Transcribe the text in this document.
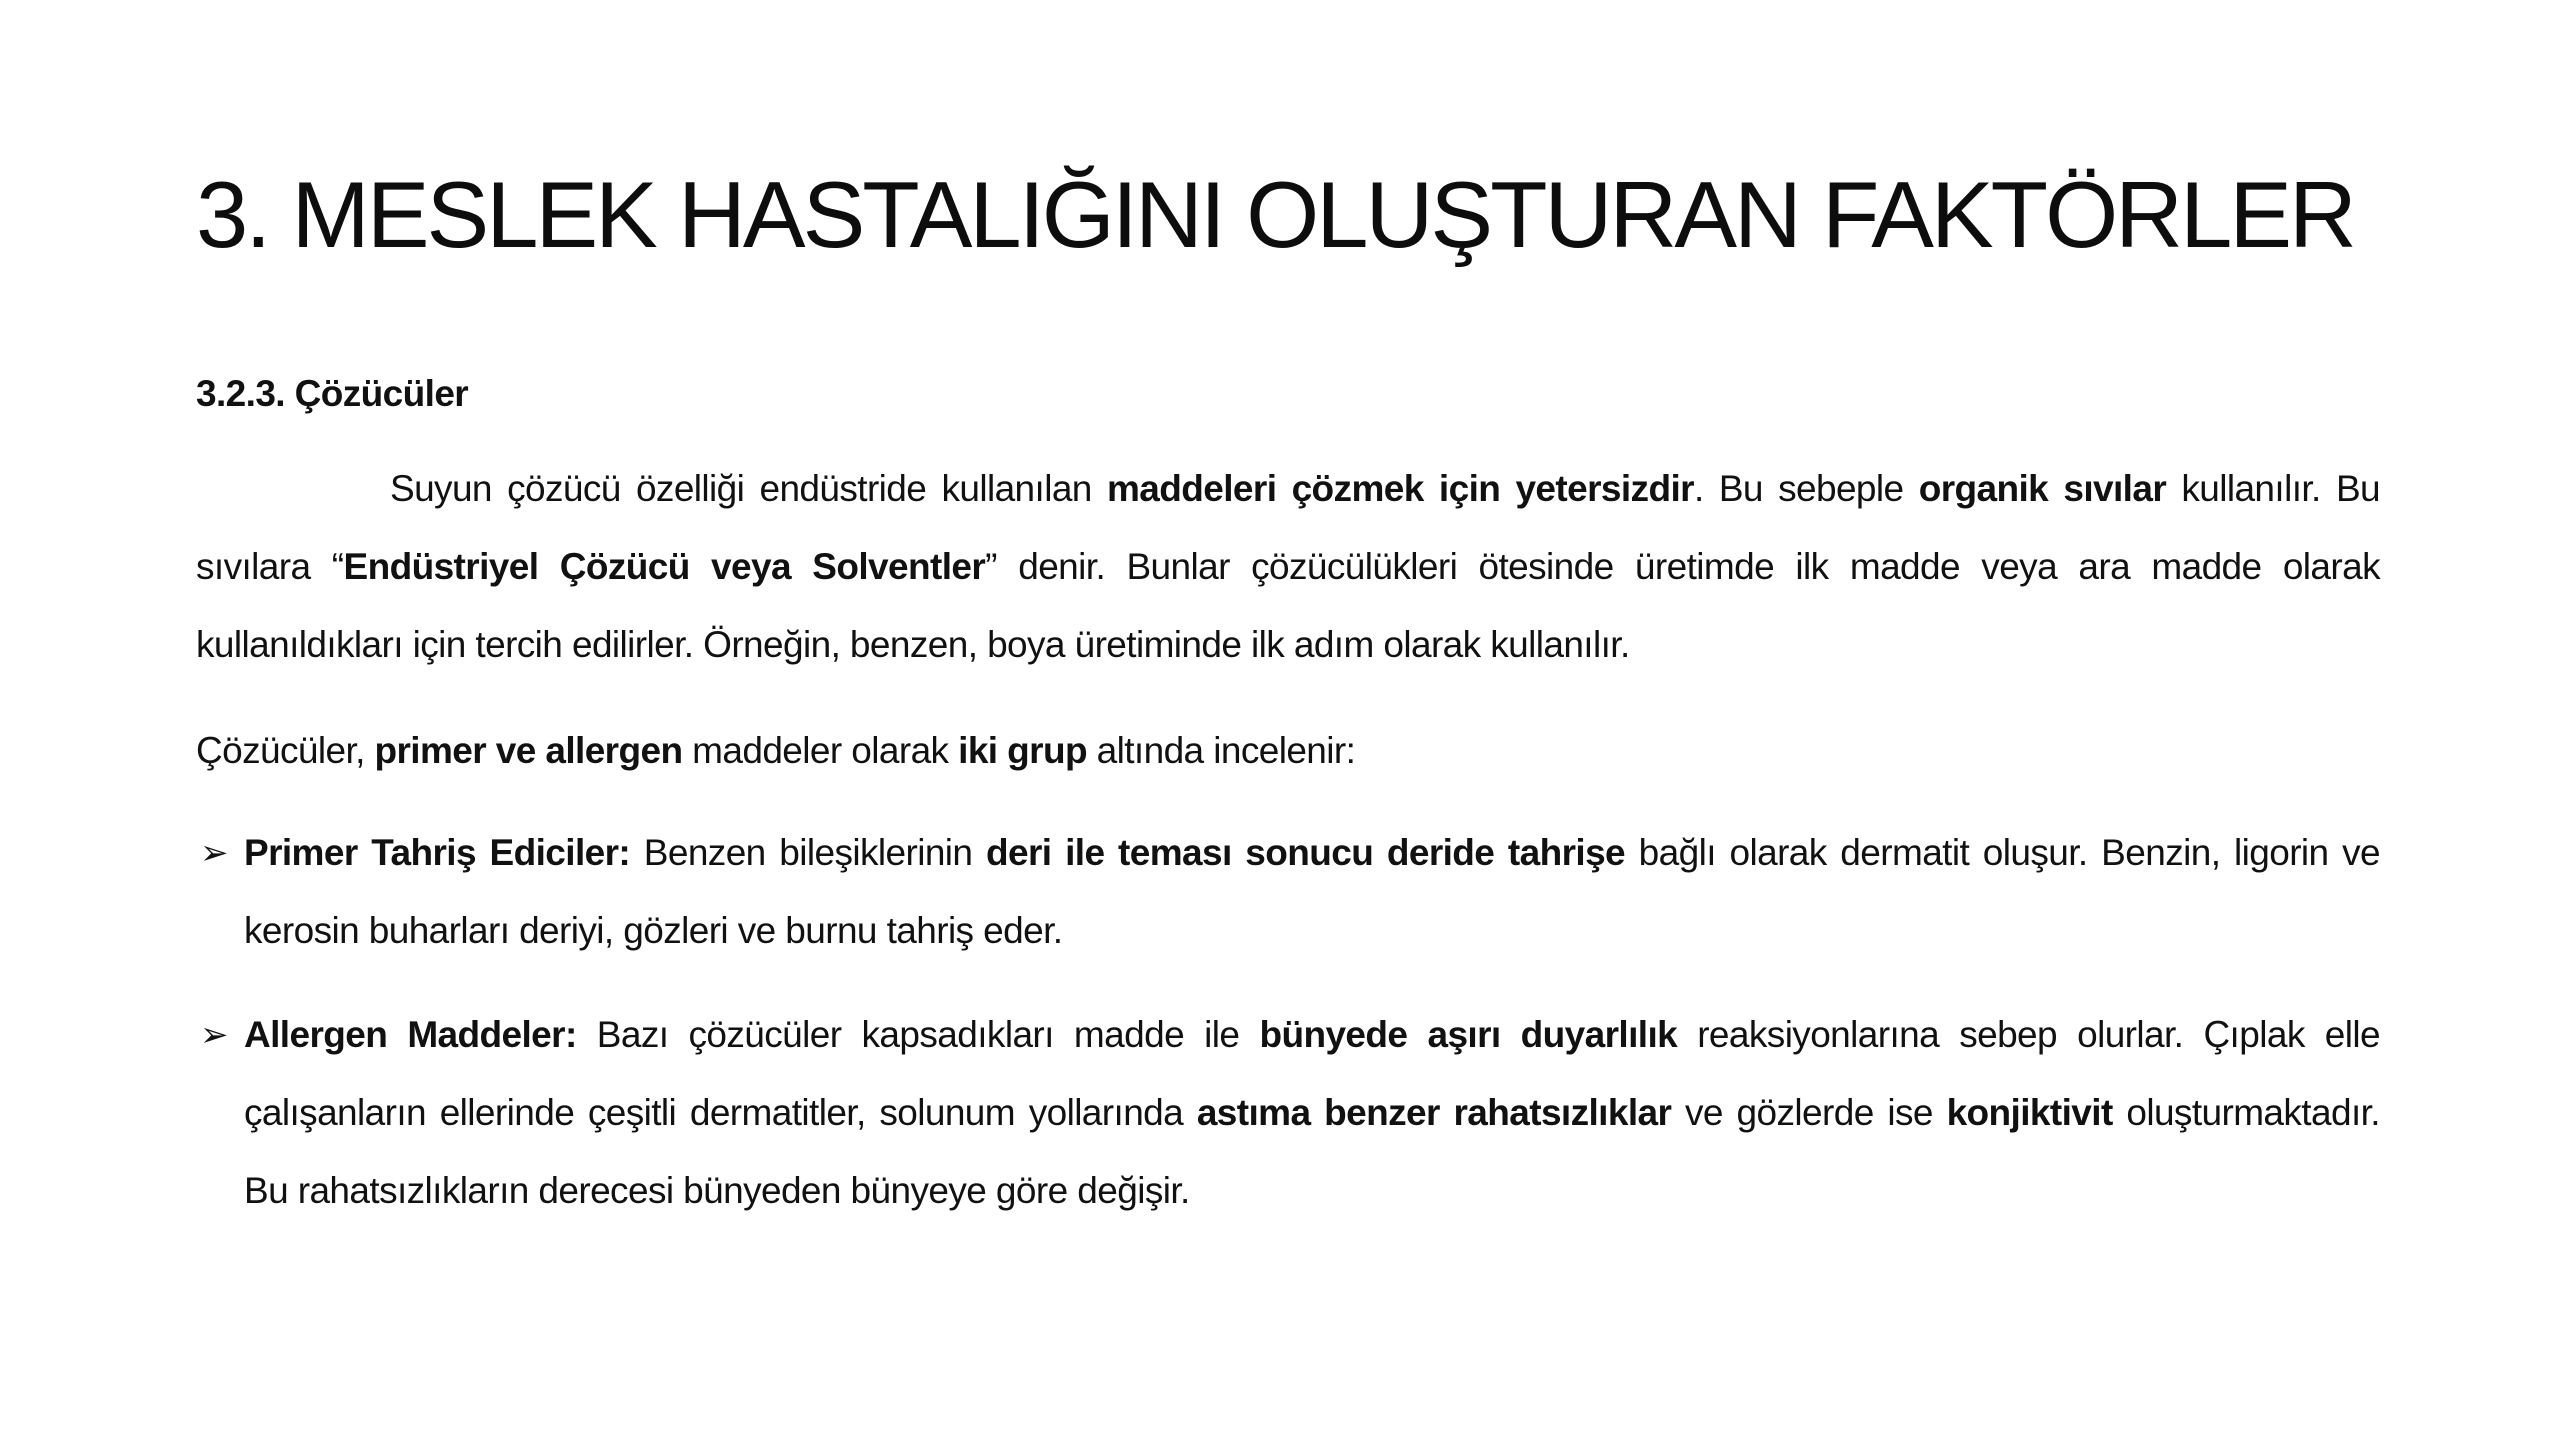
3. MESLEK HASTALIĞINI OLUŞTURAN FAKTÖRLER
3.2.3. Çözücüler

Suyun çözücü özelliği endüstride kullanılan maddeleri çözmek için yetersizdir. Bu sebeple organik sıvılar kullanılır. Bu sıvılara “Endüstriyel Çözücü veya Solventler” denir. Bunlar çözücülükleri ötesinde üretimde ilk madde veya ara madde olarak kullanıldıkları için tercih edilirler. Örneğin, benzen, boya üretiminde ilk adım olarak kullanılır.

Çözücüler, primer ve allergen maddeler olarak iki grup altında incelenir:

➢ Primer Tahriş Ediciler: Benzen bileşiklerinin deri ile teması sonucu deride tahrişe bağlı olarak dermatit oluşur. Benzin, ligorin ve kerosin buharları deriyi, gözleri ve burnu tahriş eder.
➢ Allergen Maddeler: Bazı çözücüler kapsadıkları madde ile bünyede aşırı duyarlılık reaksiyonlarına sebep olurlar. Çıplak elle çalışanların ellerinde çeşitli dermatitler, solunum yollarında astıma benzer rahatsızlıklar ve gözlerde ise konjiktivit oluşturmaktadır. Bu rahatsızlıkların derecesi bünyeden bünyeye göre değişir.
